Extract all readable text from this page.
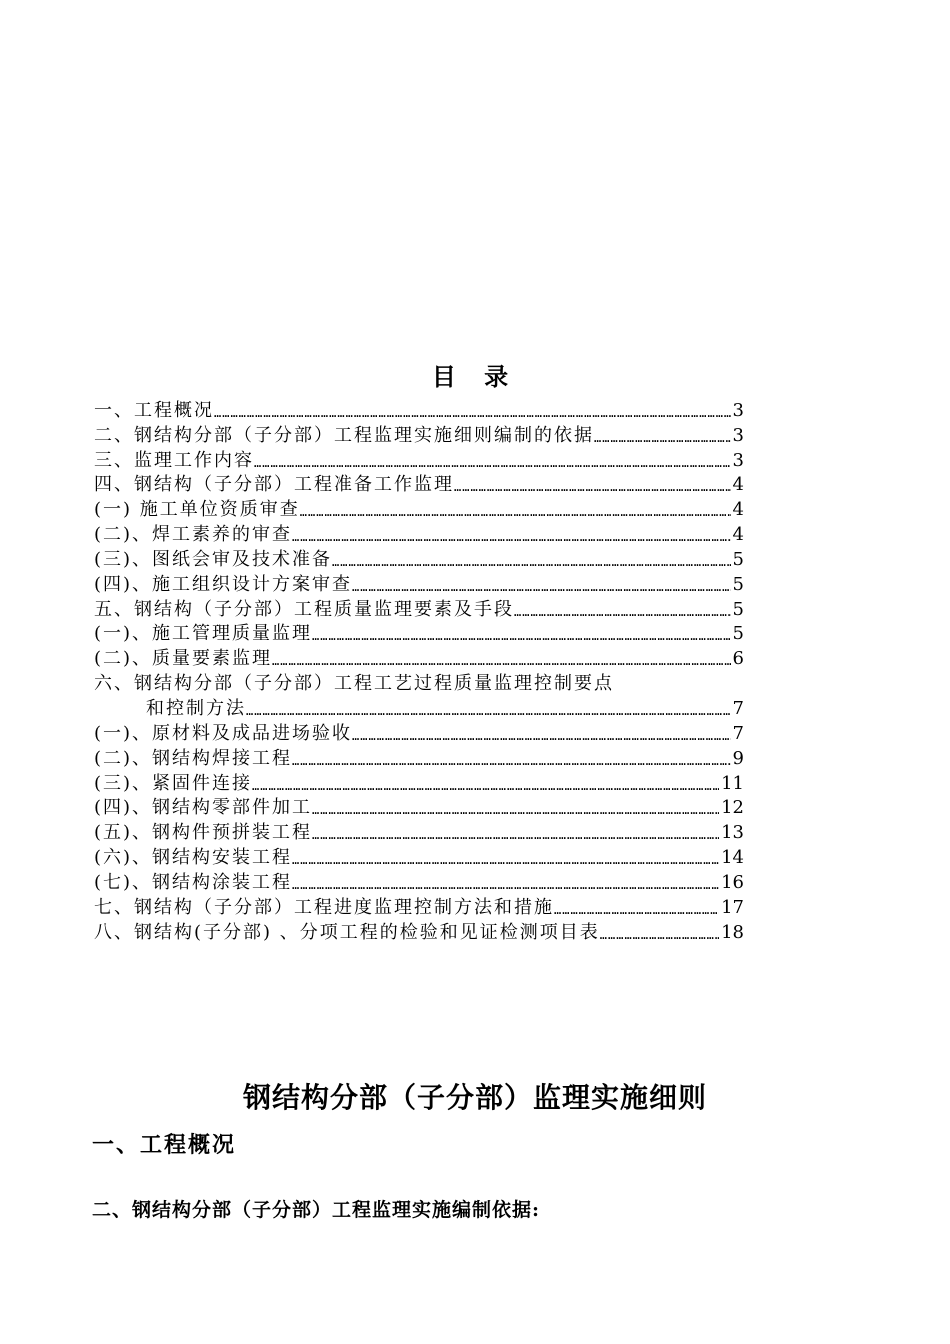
目 录
一、工程概况 …………………………………………………………………………………………………………………………………………………………………………	3
二、钢结构分部（子分部）工程监理实施细则编制的依据 …………………………………………………………………………………………………………………………………………………………………………	3
三、监理工作内容 …………………………………………………………………………………………………………………………………………………………………………	3
四、钢结构（子分部）工程准备工作监理 …………………………………………………………………………………………………………………………………………………………………………	4
(一) 施工单位资质审查 …………………………………………………………………………………………………………………………………………………………………………	4
(二)、焊工素养的审查 …………………………………………………………………………………………………………………………………………………………………………	4
(三)、图纸会审及技术准备 …………………………………………………………………………………………………………………………………………………………………………	5
(四)、施工组织设计方案审查 …………………………………………………………………………………………………………………………………………………………………………	5
五、钢结构（子分部）工程质量监理要素及手段 …………………………………………………………………………………………………………………………………………………………………………	5
(一)、施工管理质量监理 …………………………………………………………………………………………………………………………………………………………………………	5
(二)、质量要素监理 …………………………………………………………………………………………………………………………………………………………………………	6
六、钢结构分部（子分部）工程工艺过程质量监理控制要点
和控制方法 …………………………………………………………………………………………………………………………………………………………………………	7
(一)、原材料及成品进场验收 …………………………………………………………………………………………………………………………………………………………………………	7
(二)、钢结构焊接工程 …………………………………………………………………………………………………………………………………………………………………………	9
(三)、紧固件连接 …………………………………………………………………………………………………………………………………………………………………………	11
(四)、钢结构零部件加工 …………………………………………………………………………………………………………………………………………………………………………	12
(五)、钢构件预拼装工程 …………………………………………………………………………………………………………………………………………………………………………	13
(六)、钢结构安装工程 …………………………………………………………………………………………………………………………………………………………………………	14
(七)、钢结构涂装工程 …………………………………………………………………………………………………………………………………………………………………………	16
七、钢结构（子分部）工程进度监理控制方法和措施 …………………………………………………………………………………………………………………………………………………………………………	17
八、钢结构(子分部) 、分项工程的检验和见证检测项目表 …………………………………………………………………………………………………………………………………………………………………………	18
钢结构分部（子分部）监理实施细则
一、工程概况
二、钢结构分部（子分部）工程监理实施编制依据:
